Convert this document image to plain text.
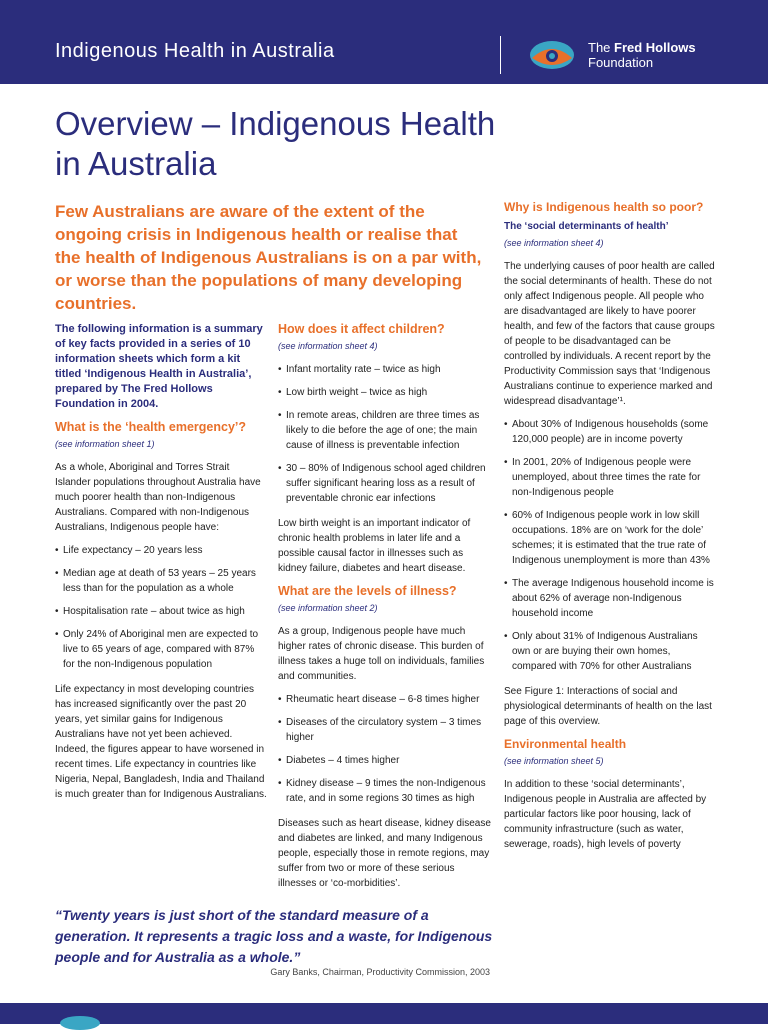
Indigenous Health in Australia	The Fred Hollows
Foundation
Overview – Indigenous Health
in Australia

Few Australians are aware of the extent of the ongoing crisis in Indigenous health or realise that the health of Indigenous Australians is on a par with, or worse than the populations of many developing countries.

The following information is a summary of key facts provided in a series of 10 information sheets which form a kit titled ‘Indigenous Health in Australia’, prepared by The Fred Hollows Foundation in 2004.

What is the ‘health emergency’?

(see information sheet 1)

As a whole, Aboriginal and Torres Strait Islander populations throughout Australia have much poorer health than non-Indigenous Australians. Compared with non-Indigenous Australians, Indigenous people have:

• Life expectancy – 20 years less
• Median age at death of 53 years – 25 years less than for the population as a whole
• Hospitalisation rate – about twice as high
• Only 24% of Aboriginal men are expected to live to 65 years of age, compared with 87% for the non-Indigenous population

Life expectancy in most developing countries has increased significantly over the past 20 years, yet similar gains for Indigenous Australians have not yet been achieved. Indeed, the figures appear to have worsened in recent times. Life expectancy in countries like Nigeria, Nepal, Bangladesh, India and Thailand is much greater than for Indigenous Australians.

How does it affect children?

(see information sheet 4)

• Infant mortality rate – twice as high
• Low birth weight – twice as high
• In remote areas, children are three times as likely to die before the age of one; the main cause of illness is preventable infection
• 30 – 80% of Indigenous school aged children suffer significant hearing loss as a result of preventable chronic ear infections

Low birth weight is an important indicator of chronic health problems in later life and a possible causal factor in illnesses such as kidney failure, diabetes and heart disease.

What are the levels of illness?

(see information sheet 2)

As a group, Indigenous people have much higher rates of chronic disease. This burden of illness takes a huge toll on individuals, families and communities.

• Rheumatic heart disease – 6-8 times higher
• Diseases of the circulatory system – 3 times higher
• Diabetes – 4 times higher
• Kidney disease – 9 times the non-Indigenous rate, and in some regions 30 times as high

Diseases such as heart disease, kidney disease and diabetes are linked, and many Indigenous people, especially those in remote regions, may suffer from two or more of these serious illnesses or ‘co-morbidities’.

Why is Indigenous health so poor?

The ‘social determinants of health’

(see information sheet 4)

The underlying causes of poor health are called the social determinants of health. These do not only affect Indigenous people. All people who are disadvantaged are likely to have poorer health, and few of the factors that cause groups of people to be disadvantaged can be controlled by individuals. A recent report by the Productivity Commission says that ‘Indigenous Australians continue to experience marked and widespread disadvantage’¹.

• About 30% of Indigenous households (some 120,000 people) are in income poverty
• In 2001, 20% of Indigenous people were unemployed, about three times the rate for non-Indigenous people
• 60% of Indigenous people work in low skill occupations. 18% are on ‘work for the dole’ schemes; it is estimated that the true rate of Indigenous unemployment is more than 43%
• The average Indigenous household income is about 62% of average non-Indigenous household income
• Only about 31% of Indigenous Australians own or are buying their own homes, compared with 70% for other Australians

See Figure 1: Interactions of social and physiological determinants of health on the last page of this overview.

Environmental health

(see information sheet 5)

In addition to these ‘social determinants’, Indigenous people in Australia are affected by particular factors like poor housing, lack of community infrastructure (such as water, sewerage, roads), high levels of poverty

“Twenty years is just short of the standard measure of a generation. It represents a tragic loss and a waste, for Indigenous people and for Australia as a whole.”

Gary Banks, Chairman, Productivity Commission, 2003
